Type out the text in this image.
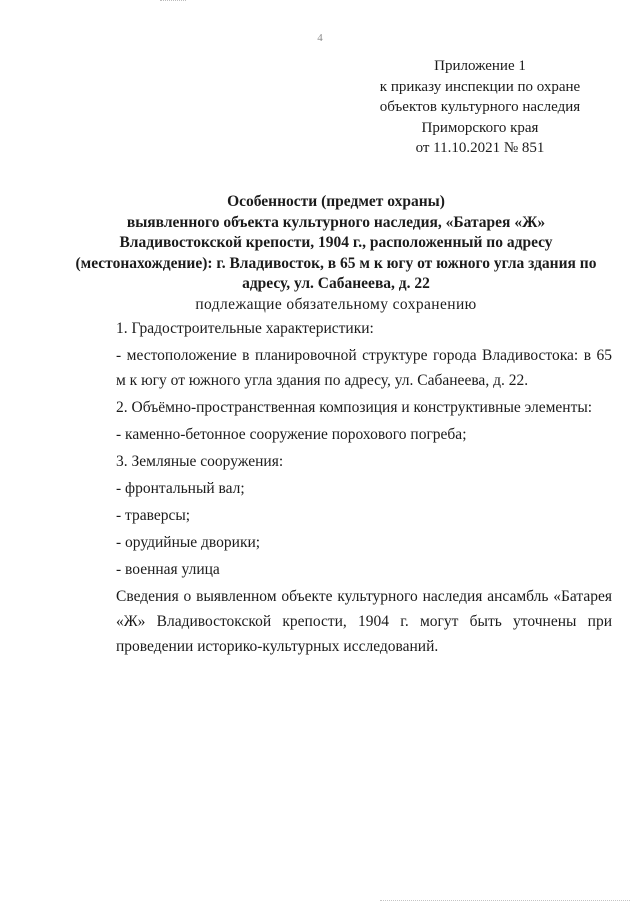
4
Приложение 1
к приказу инспекции по охране
объектов культурного наследия
Приморского края
от 11.10.2021 № 851
Особенности (предмет охраны)
выявленного объекта культурного наследия, «Батарея «Ж»
Владивостокской крепости, 1904 г., расположенный по адресу
(местонахождение): г. Владивосток, в 65 м к югу от южного угла здания по
адресу, ул. Сабанеева, д. 22
подлежащие обязательному сохранению
1. Градостроительные характеристики:
- местоположение в планировочной структуре города Владивостока: в 65 м к югу от южного угла здания по адресу, ул. Сабанеева, д. 22.
2. Объёмно-пространственная композиция и конструктивные элементы:
- каменно-бетонное сооружение порохового погреба;
3. Земляные сооружения:
- фронтальный вал;
- траверсы;
- орудийные дворики;
- военная улица
Сведения о выявленном объекте культурного наследия ансамбль «Батарея «Ж» Владивостокской крепости, 1904 г. могут быть уточнены при проведении историко-культурных исследований.
